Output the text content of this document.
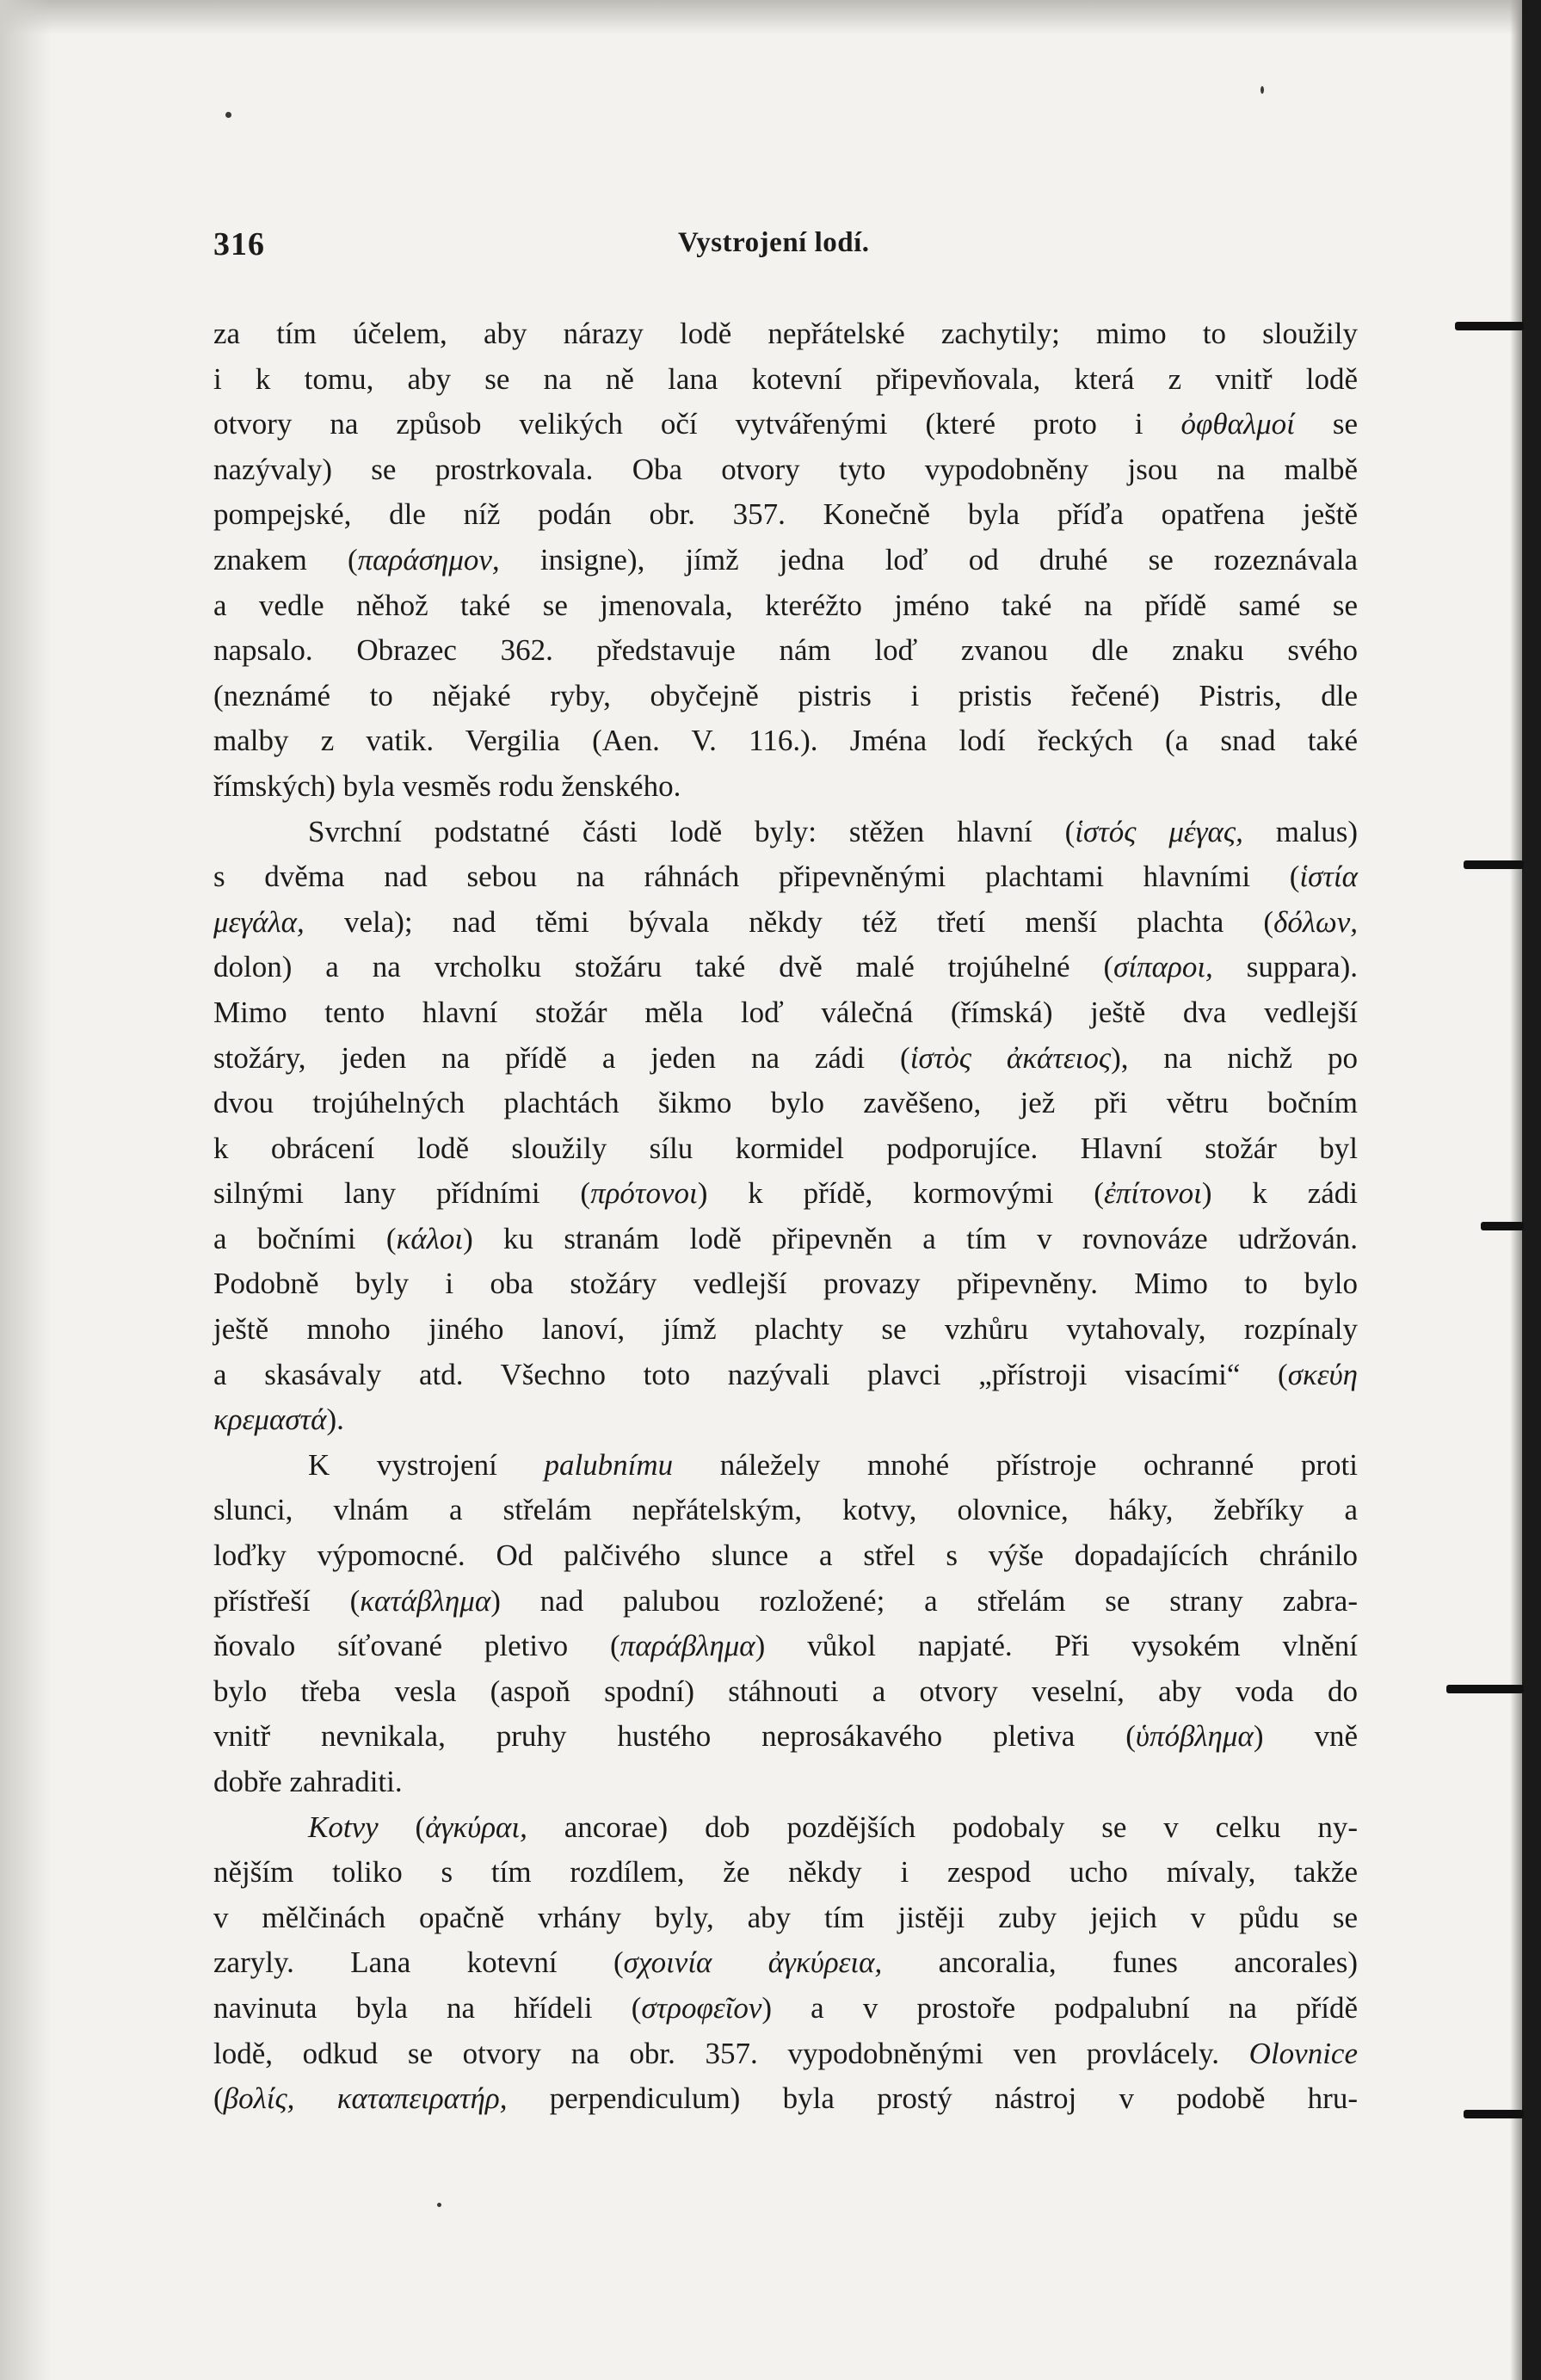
316	Vystrojení lodí.
za tím účelem, aby nárazy lodě nepřátelské zachytily; mimo to sloužily
i k tomu, aby se na ně lana kotevní připevňovala, která z vnitř lodě
otvory na způsob velikých očí vytvářenými (které proto i ὀφθαλμοί se
nazývaly) se prostrkovala. Oba otvory tyto vypodobněny jsou na malbě
pompejské, dle níž podán obr. 357. Konečně byla příďa opatřena ještě
znakem (παράσημον, insigne), jímž jedna loď od druhé se rozeznávala
a vedle něhož také se jmenovala, kteréžto jméno také na přídě samé se
napsalo. Obrazec 362. představuje nám loď zvanou dle znaku svého
(neznámé to nějaké ryby, obyčejně pistris i pristis řečené) Pistris, dle
malby z vatik. Vergilia (Aen. V. 116.). Jména lodí řeckých (a snad také
římských) byla vesměs rodu ženského.
Svrchní podstatné části lodě byly: stěžen hlavní (ἱστός μέγας, malus)
s dvěma nad sebou na ráhnách připevněnými plachtami hlavními (ἱστία
μεγάλα, vela); nad těmi bývala někdy též třetí menší plachta (δόλων,
dolon) a na vrcholku stožáru také dvě malé trojúhelné (σίπαροι, suppara).
Mimo tento hlavní stožár měla loď válečná (římská) ještě dva vedlejší
stožáry, jeden na přídě a jeden na zádi (ἱστὸς ἀκάτειος), na nichž po
dvou trojúhelných plachtách šikmo bylo zavěšeno, jež při větru bočním
k obrácení lodě sloužily sílu kormidel podporujíce. Hlavní stožár byl
silnými lany přídními (πρότονοι) k přídě, kormovými (ἐπίτονοι) k zádi
a bočními (κάλοι) ku stranám lodě připevněn a tím v rovnováze udržován.
Podobně byly i oba stožáry vedlejší provazy připevněny. Mimo to bylo
ještě mnoho jiného lanoví, jímž plachty se vzhůru vytahovaly, rozpínaly
a skasávaly atd. Všechno toto nazývali plavci „přístroji visacími“ (σκεύη
κρεμαστά).
K vystrojení palubnímu náležely mnohé přístroje ochranné proti
slunci, vlnám a střelám nepřátelským, kotvy, olovnice, háky, žebříky a
loďky výpomocné. Od palčivého slunce a střel s výše dopadajících chránilo
přístřeší (κατάβλημα) nad palubou rozložené; a střelám se strany zabra-
ňovalo síťované pletivo (παράβλημα) vůkol napjaté. Při vysokém vlnění
bylo třeba vesla (aspoň spodní) stáhnouti a otvory veselní, aby voda do
vnitř nevnikala, pruhy hustého neprosákavého pletiva (ὑπόβλημα) vně
dobře zahraditi.
Kotvy (ἀγκύραι, ancorae) dob pozdějších podobaly se v celku ny-
nějším toliko s tím rozdílem, že někdy i zespod ucho mívaly, takže
v mělčinách opačně vrhány byly, aby tím jistěji zuby jejich v půdu se
zaryly. Lana kotevní (σχοινία ἀγκύρεια, ancoralia, funes ancorales)
navinuta byla na hřídeli (στροφεῖον) a v prostoře podpalubní na přídě
lodě, odkud se otvory na obr. 357. vypodobněnými ven provlácely. Olovnice
(βολίς, καταπειρατήρ, perpendiculum) byla prostý nástroj v podobě hru-
